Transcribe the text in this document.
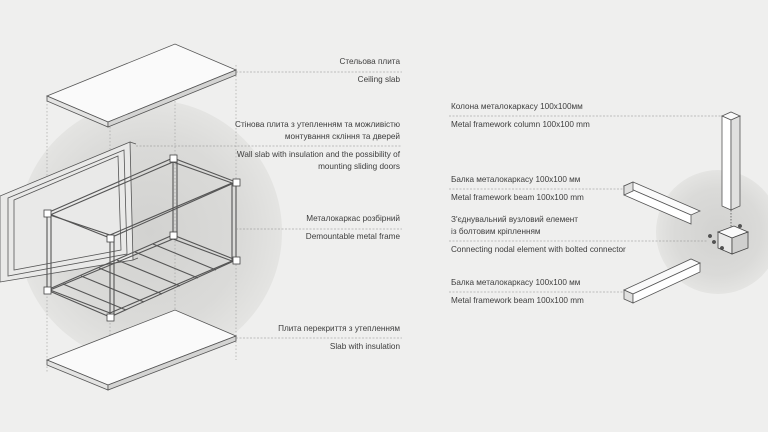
Стельова плита
Ceiling slab
Стінова плита з утепленням та можливістю
монтування скління та дверей
Wall slab with insulation and the possibility of
mounting sliding doors
Металокаркас розбірний
Demountable metal frame
Плита перекриття з утепленням
Slab with insulation
Колона металокаркасу 100х100мм
Metal framework column 100x100 mm
Балка металокаркасу 100х100 мм
Metal framework beam 100x100 mm
З'єднувальний вузловий елемент
із болтовим кріпленням
Connecting nodal element with bolted connector
Балка металокаркасу 100х100 мм
Metal framework beam 100x100 mm
